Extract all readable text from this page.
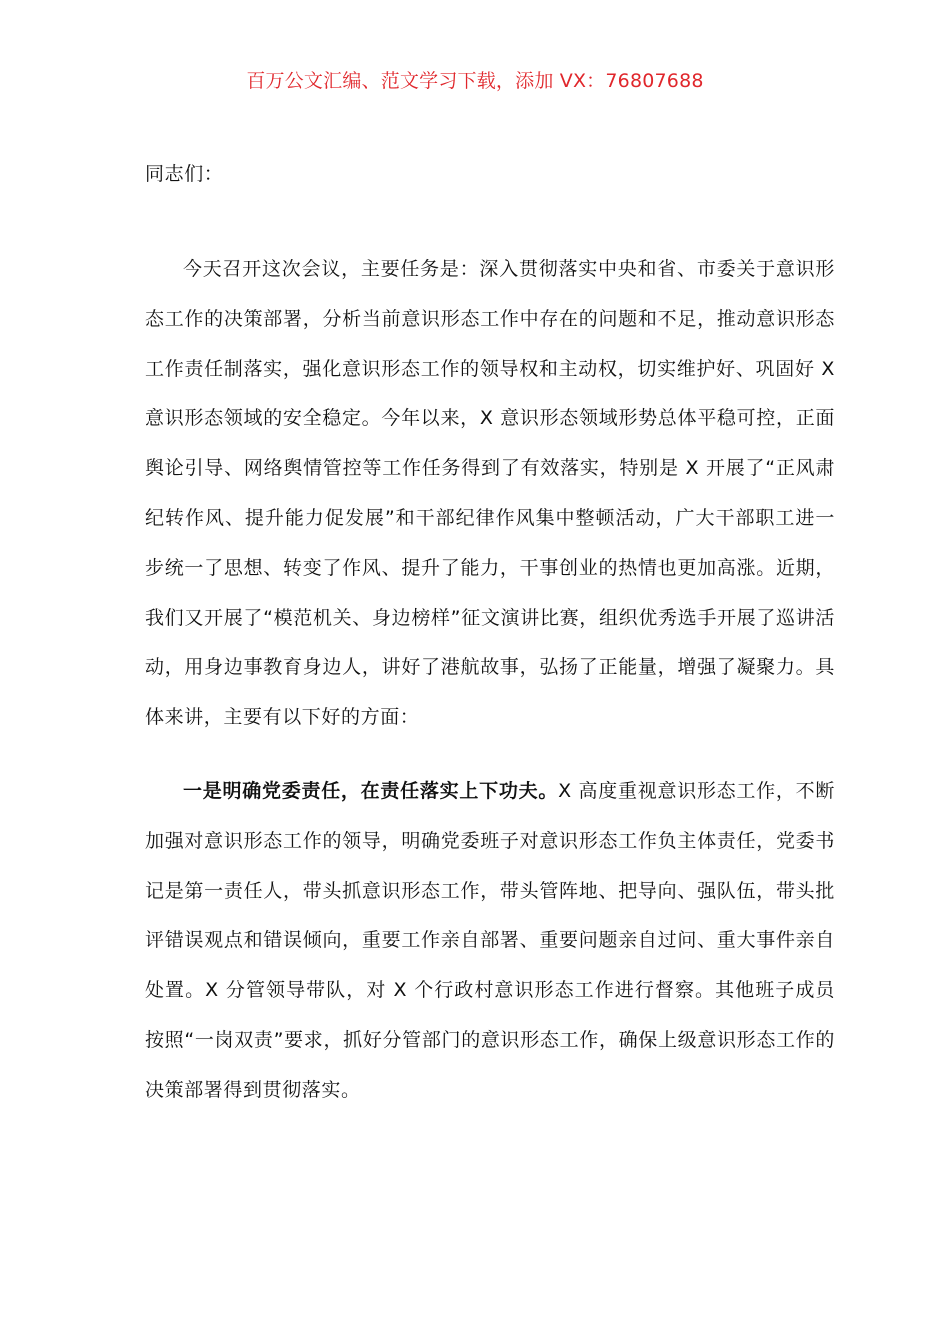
百万公文汇编、范文学习下载，添加 VX：76807688

同志们：

今天召开这次会议，主要任务是：深入贯彻落实中央和省、市委关于意识形态工作的决策部署，分析当前意识形态工作中存在的问题和不足，推动意识形态工作责任制落实，强化意识形态工作的领导权和主动权，切实维护好、巩固好 X 意识形态领域的安全稳定。今年以来，X 意识形态领域形势总体平稳可控，正面舆论引导、网络舆情管控等工作任务得到了有效落实，特别是 X 开展了“正风肃纪转作风、提升能力促发展”和干部纪律作风集中整顿活动，广大干部职工进一步统一了思想、转变了作风、提升了能力，干事创业的热情也更加高涨。近期，我们又开展了“模范机关、身边榜样”征文演讲比赛，组织优秀选手开展了巡讲活动，用身边事教育身边人，讲好了港航故事，弘扬了正能量，增强了凝聚力。具体来讲，主要有以下好的方面：

一是明确党委责任，在责任落实上下功夫。X 高度重视意识形态工作，不断加强对意识形态工作的领导，明确党委班子对意识形态工作负主体责任，党委书记是第一责任人，带头抓意识形态工作，带头管阵地、把导向、强队伍，带头批评错误观点和错误倾向，重要工作亲自部署、重要问题亲自过问、重大事件亲自处置。X 分管领导带队，对 X 个行政村意识形态工作进行督察。其他班子成员按照“一岗双责”要求，抓好分管部门的意识形态工作，确保上级意识形态工作的决策部署得到贯彻落实。
